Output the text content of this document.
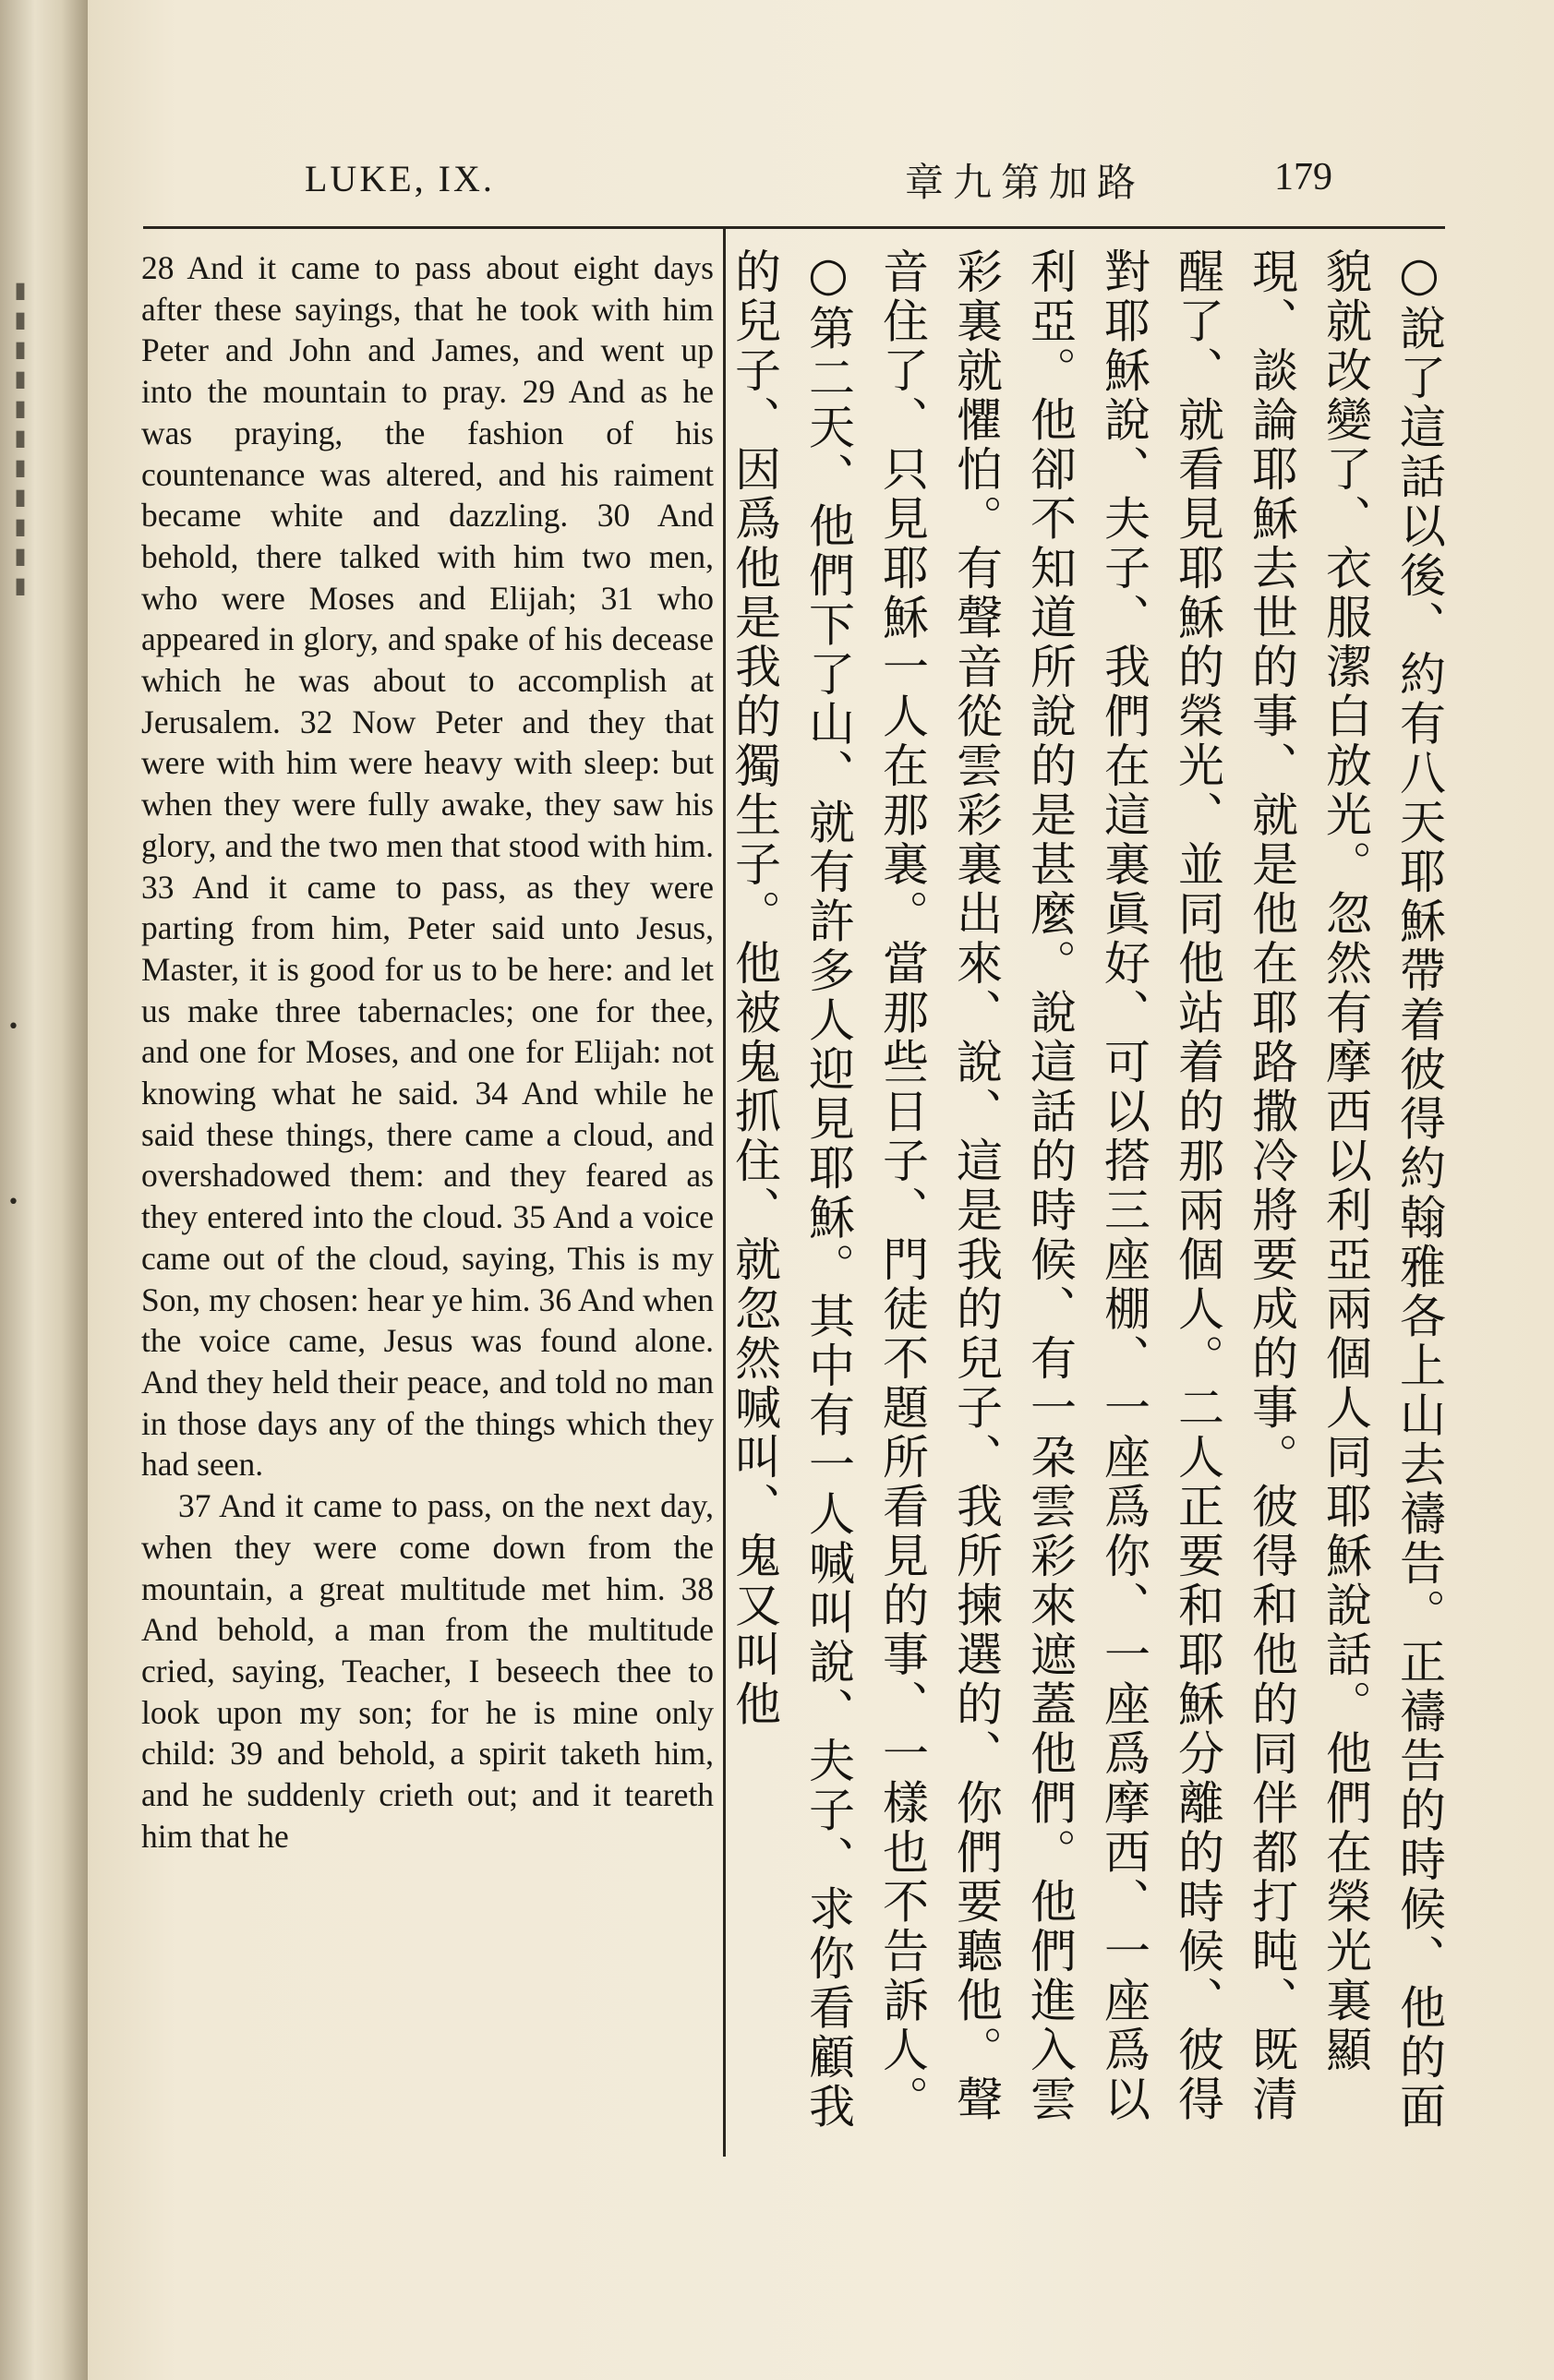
▮▮▮▮▮▮▮▮▮▮▮
•
•
LUKE, IX.	章九第加路	179

28 And it came to pass about eight days after these sayings, that he took with him Peter and John and James, and went up into the mountain to pray. 29 And as he was praying, the fashion of his countenance was altered, and his raiment became white and dazzling. 30 And behold, there talked with him two men, who were Moses and Elijah; 31 who appeared in glory, and spake of his decease which he was about to accomplish at Jerusalem. 32 Now Peter and they that were with him were heavy with sleep: but when they were fully awake, they saw his glory, and the two men that stood with him. 33 And it came to pass, as they were parting from him, Peter said unto Jesus, Master, it is good for us to be here: and let us make three tabernacles; one for thee, and one for Moses, and one for Elijah: not knowing what he said. 34 And while he said these things, there came a cloud, and overshadowed them: and they feared as they entered into the cloud. 35 And a voice came out of the cloud, saying, This is my Son, my chosen: hear ye him. 36 And when the voice came, Jesus was found alone. And they held their peace, and told no man in those days any of the things which they had seen.

37 And it came to pass, on the next day, when they were come down from the mountain, a great multitude met him. 38 And behold, a man from the multitude cried, saying, Teacher, I beseech thee to look upon my son; for he is mine only child: 39 and behold, a spirit taketh him, and he suddenly crieth out; and it teareth him that he	○說了這話以後、約有八天耶穌帶着彼得約翰雅各上山去禱告。正禱告的時候、他的面貌就改變了、衣服潔白放光。忽然有摩西以利亞兩個人同耶穌說話。他們在榮光裏顯現、談論耶穌去世的事、就是他在耶路撒冷將要成的事。彼得和他的同伴都打盹、既清醒了、就看見耶穌的榮光、並同他站着的那兩個人。二人正要和耶穌分離的時候、彼得對耶穌說、夫子、我們在這裏眞好、可以搭三座棚、一座爲你、一座爲摩西、一座爲以利亞。他卻不知道所說的是甚麼。說這話的時候、有一朶雲彩來遮蓋他們。他們進入雲彩裏就懼怕。有聲音從雲彩裏出來、說、這是我的兒子、我所揀選的、你們要聽他。聲音住了、只見耶穌一人在那裏。當那些日子、門徒不題所看見的事、一樣也不告訴人。○第二天、他們下了山、就有許多人迎見耶穌。其中有一人喊叫說、夫子、求你看顧我的兒子、因爲他是我的獨生子。他被鬼抓住、就忽然喊叫、鬼又叫他
